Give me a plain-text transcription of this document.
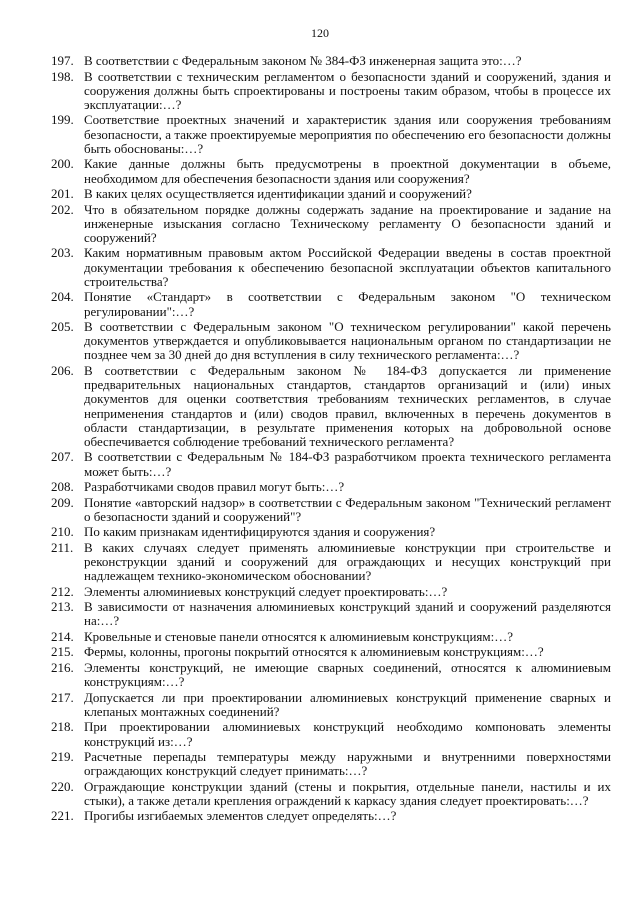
120
197. В соответствии с Федеральным законом № 384-ФЗ инженерная защита это:…?
198. В соответствии с техническим регламентом о безопасности зданий и сооружений, здания и сооружения должны быть спроектированы и построены таким образом, чтобы в процессе их эксплуатации:…?
199. Соответствие проектных значений и характеристик здания или сооружения требованиям безопасности, а также проектируемые мероприятия по обеспечению его безопасности должны быть обоснованы:…?
200. Какие данные должны быть предусмотрены в проектной документации в объеме, необходимом для обеспечения безопасности здания или сооружения?
201. В каких целях осуществляется идентификации зданий и сооружений?
202. Что в обязательном порядке должны содержать задание на проектирование и задание на инженерные изыскания согласно Техническому регламенту О безопасности зданий и сооружений?
203. Каким нормативным правовым актом Российской Федерации введены в состав проектной документации требования к обеспечению безопасной эксплуатации объектов капитального строительства?
204. Понятие «Стандарт» в соответствии с Федеральным законом "О техническом регулировании":…?
205. В соответствии с Федеральным законом "О техническом регулировании" какой перечень документов утверждается и опубликовывается национальным органом по стандартизации не позднее чем за 30 дней до дня вступления в силу технического регламента:…?
206. В соответствии с Федеральным законом № 184-ФЗ допускается ли применение предварительных национальных стандартов, стандартов организаций и (или) иных документов для оценки соответствия требованиям технических регламентов, в случае неприменения стандартов и (или) сводов правил, включенных в перечень документов в области стандартизации, в результате применения которых на добровольной основе обеспечивается соблюдение требований технического регламента?
207. В соответствии с Федеральным № 184-ФЗ разработчиком проекта технического регламента может быть:…?
208. Разработчиками сводов правил могут быть:…?
209. Понятие «авторский надзор» в соответствии с Федеральным законом "Технический регламент о безопасности зданий и сооружений"?
210. По каким признакам идентифицируются здания и сооружения?
211. В каких случаях следует применять алюминиевые конструкции при строительстве и реконструкции зданий и сооружений для ограждающих и несущих конструкций при надлежащем технико-экономическом обосновании?
212. Элементы алюминиевых конструкций следует проектировать:…?
213. В зависимости от назначения алюминиевых конструкций зданий и сооружений разделяются на:…?
214. Кровельные и стеновые панели относятся к алюминиевым конструкциям:…?
215. Фермы, колонны, прогоны покрытий относятся к алюминиевым конструкциям:…?
216. Элементы конструкций, не имеющие сварных соединений, относятся к алюминиевым конструкциям:…?
217. Допускается ли при проектировании алюминиевых конструкций применение сварных и клепаных монтажных соединений?
218. При проектировании алюминиевых конструкций необходимо компоновать элементы конструкций из:…?
219. Расчетные перепады температуры между наружными и внутренними поверхностями ограждающих конструкций следует принимать:…?
220. Ограждающие конструкции зданий (стены и покрытия, отдельные панели, настилы и их стыки), а также детали крепления ограждений к каркасу здания следует проектировать:…?
221. Прогибы изгибаемых элементов следует определять:…?
